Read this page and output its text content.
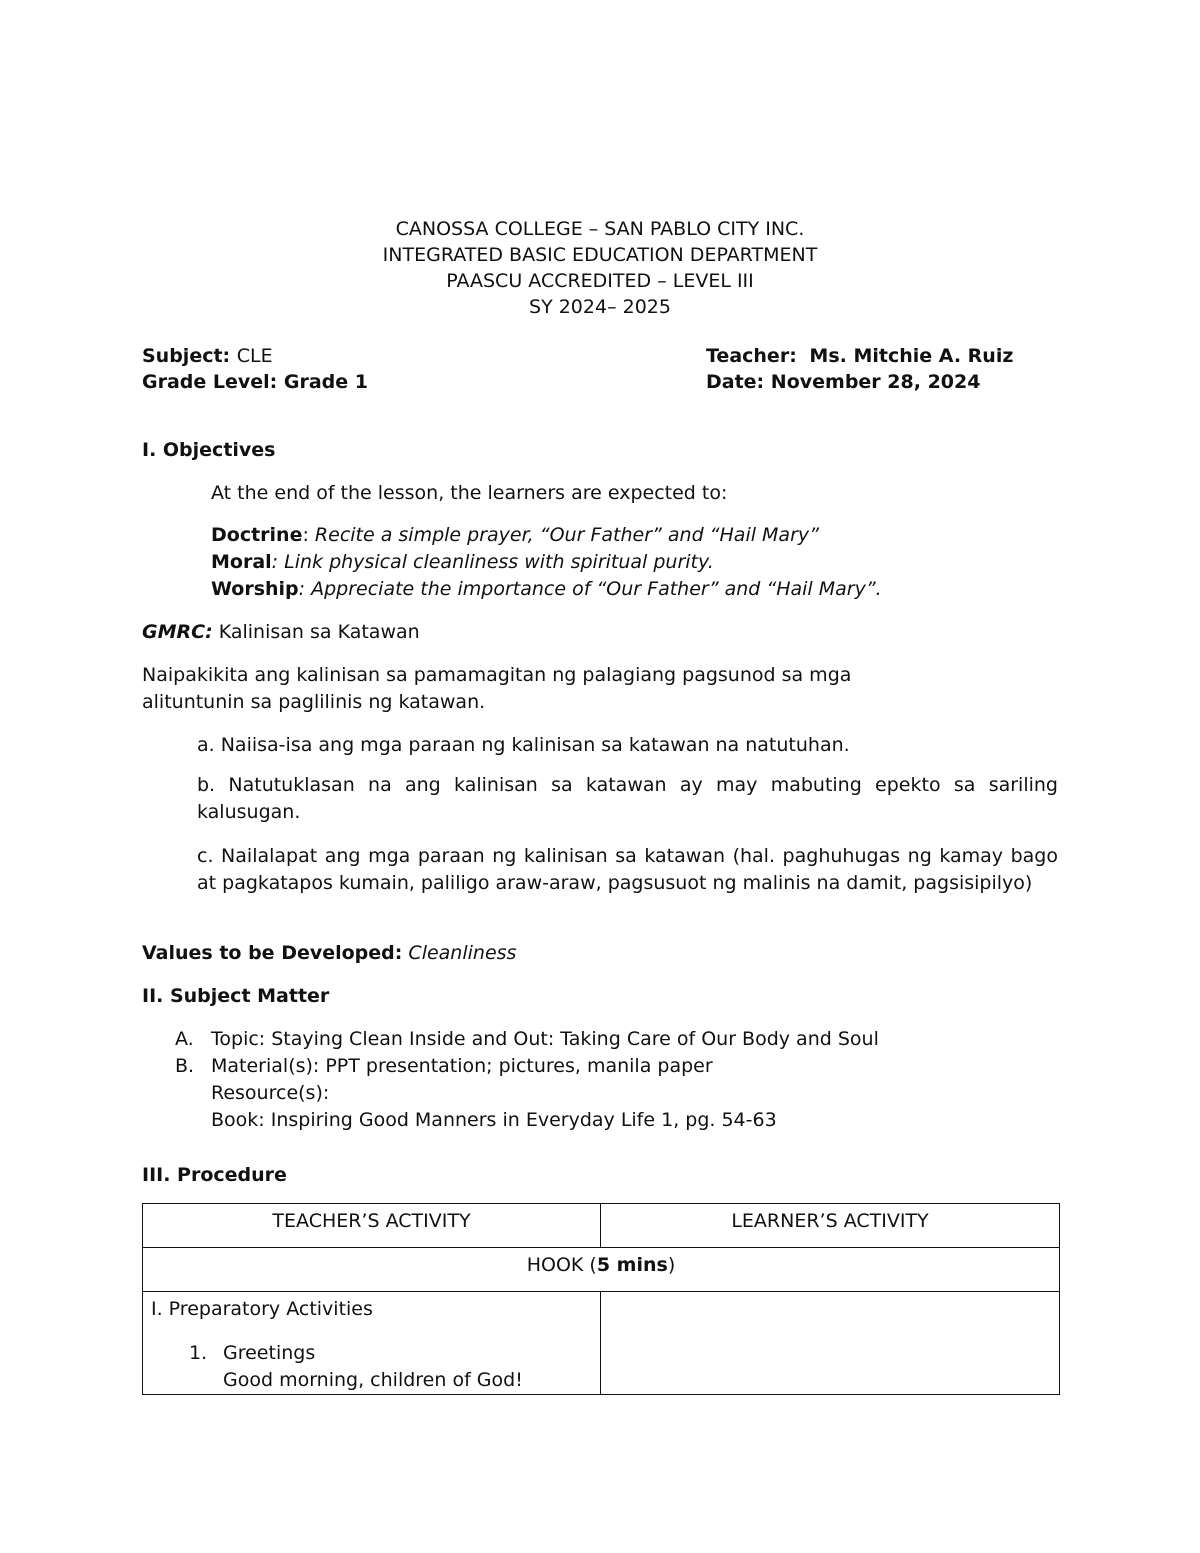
CANOSSA COLLEGE – SAN PABLO CITY INC.
INTEGRATED BASIC EDUCATION DEPARTMENT
PAASCU ACCREDITED – LEVEL III
SY 2024– 2025
Subject: CLE	Teacher: Ms. Mitchie A. Ruiz
Grade Level: Grade 1	Date: November 28, 2024
I. Objectives
At the end of the lesson, the learners are expected to:
Doctrine: Recite a simple prayer, “Our Father” and “Hail Mary”
Moral: Link physical cleanliness with spiritual purity.
Worship: Appreciate the importance of “Our Father” and “Hail Mary”.
GMRC: Kalinisan sa Katawan
Naipakikita ang kalinisan sa pamamagitan ng palagiang pagsunod sa mga
alituntunin sa paglilinis ng katawan.
a. Naiisa-isa ang mga paraan ng kalinisan sa katawan na natutuhan.
b. Natutuklasan na ang kalinisan sa katawan ay may mabuting epekto sa sariling kalusugan.
c. Nailalapat ang mga paraan ng kalinisan sa katawan (hal. paghuhugas ng kamay bago at pagkatapos kumain, paliligo araw-araw, pagsusuot ng malinis na damit, pagsisipilyo)
Values to be Developed: Cleanliness
II. Subject Matter
A. Topic: Staying Clean Inside and Out: Taking Care of Our Body and Soul
B. Material(s): PPT presentation; pictures, manila paper
Resource(s):
Book: Inspiring Good Manners in Everyday Life 1, pg. 54-63
III. Procedure
TEACHER’S ACTIVITY	LEARNER’S ACTIVITY

HOOK (5 mins)	

I. Preparatory Activities
1. Greetings
Good morning, children of God!	
